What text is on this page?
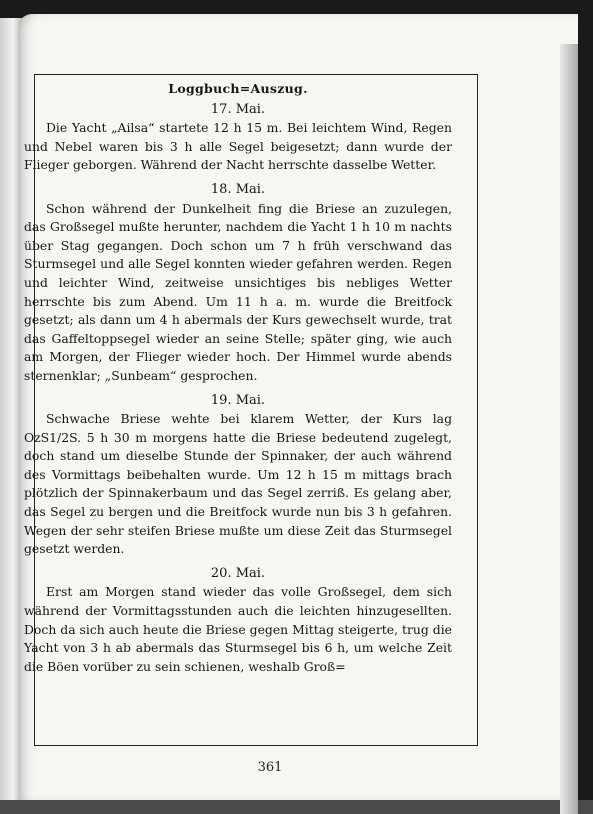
Loggbuch=Auszug.
17. Mai.
Die Yacht „Ailsa“ startete 12 h 15 m. Bei leichtem Wind, Regen und Nebel waren bis 3 h alle Segel beigesetzt; dann wurde der Flieger geborgen. Während der Nacht herrschte dasselbe Wetter.
18. Mai.
Schon während der Dunkelheit fing die Briese an zuzulegen, das Großsegel mußte herunter, nachdem die Yacht 1 h 10 m nachts über Stag gegangen. Doch schon um 7 h früh verschwand das Sturmsegel und alle Segel konnten wieder gefahren werden. Regen und leichter Wind, zeitweise unsichtiges bis nebliges Wetter herrschte bis zum Abend. Um 11 h a. m. wurde die Breitfock gesetzt; als dann um 4 h abermals der Kurs gewechselt wurde, trat das Gaffeltoppsegel wieder an seine Stelle; später ging, wie auch am Morgen, der Flieger wieder hoch. Der Himmel wurde abends sternenklar; „Sunbeam“ gesprochen.
19. Mai.
Schwache Briese wehte bei klarem Wetter, der Kurs lag OzS1/2S. 5 h 30 m morgens hatte die Briese bedeutend zugelegt, doch stand um dieselbe Stunde der Spinnaker, der auch während des Vormittags beibehalten wurde. Um 12 h 15 m mittags brach plötzlich der Spinnakerbaum und das Segel zerriß. Es gelang aber, das Segel zu bergen und die Breitfock wurde nun bis 3 h gefahren. Wegen der sehr steifen Briese mußte um diese Zeit das Sturmsegel gesetzt werden.
20. Mai.
Erst am Morgen stand wieder das volle Großsegel, dem sich während der Vormittagsstunden auch die leichten hinzugesellten. Doch da sich auch heute die Briese gegen Mittag steigerte, trug die Yacht von 3 h ab abermals das Sturmsegel bis 6 h, um welche Zeit die Böen vorüber zu sein schienen, weshalb Groß=
361
